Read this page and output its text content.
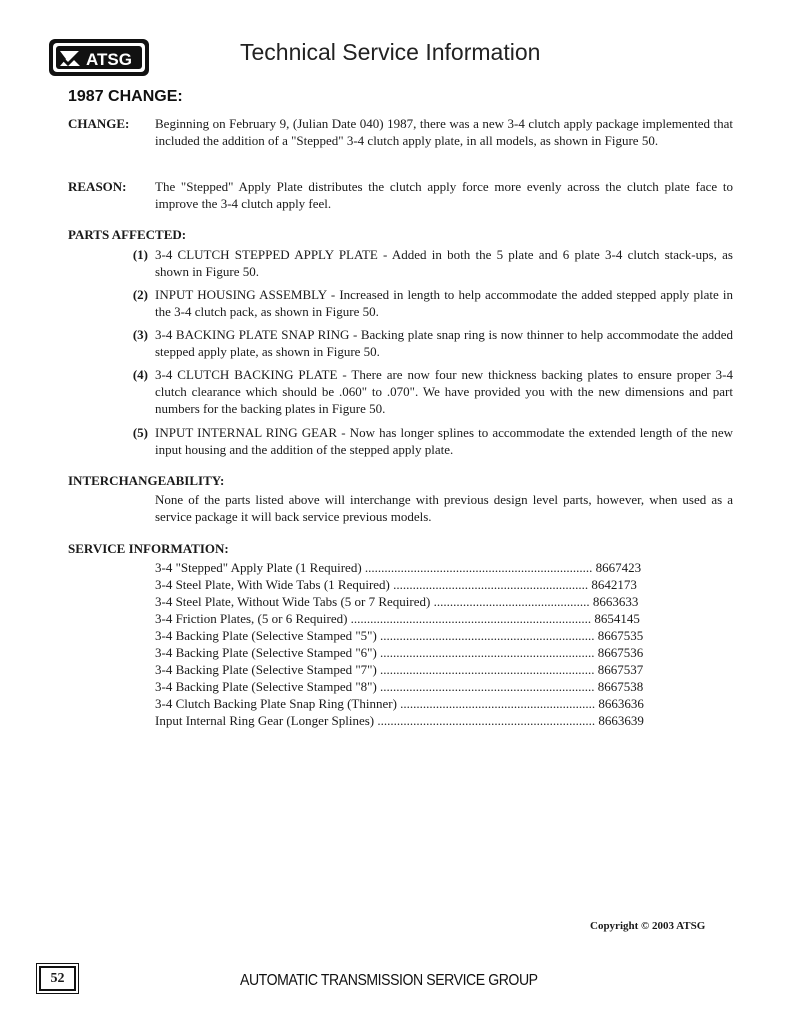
ATSG	Technical Service Information
1987 CHANGE:
CHANGE: Beginning on February 9, (Julian Date 040) 1987, there was a new 3-4 clutch apply package implemented that included the addition of a "Stepped" 3-4 clutch apply plate, in all models, as shown in Figure 50.
REASON: The "Stepped" Apply Plate distributes the clutch apply force more evenly across the clutch plate face to improve the 3-4 clutch apply feel.
PARTS AFFECTED:
(1) 3-4 CLUTCH STEPPED APPLY PLATE - Added in both the 5 plate and 6 plate 3-4 clutch stack-ups, as shown in Figure 50.
(2) INPUT HOUSING ASSEMBLY - Increased in length to help accommodate the added stepped apply plate in the 3-4 clutch pack, as shown in Figure 50.
(3) 3-4 BACKING PLATE SNAP RING - Backing plate snap ring is now thinner to help accommodate the added stepped apply plate, as shown in Figure 50.
(4) 3-4 CLUTCH BACKING PLATE - There are now four new thickness backing plates to ensure proper 3-4 clutch clearance which should be .060" to .070". We have provided you with the new dimensions and part numbers for the backing plates in Figure 50.
(5) INPUT INTERNAL RING GEAR - Now has longer splines to accommodate the extended length of the new input housing and the addition of the stepped apply plate.
INTERCHANGEABILITY:
None of the parts listed above will interchange with previous design level parts, however, when used as a service package it will back service previous models.
SERVICE INFORMATION:
3-4 "Stepped" Apply Plate (1 Required) ...................................................................... 8667423
3-4 Steel Plate, With Wide Tabs (1 Required) ............................................................ 8642173
3-4 Steel Plate, Without Wide Tabs (5 or 7 Required) ................................................ 8663633
3-4 Friction Plates, (5 or 6 Required) .......................................................................... 8654145
3-4 Backing Plate (Selective Stamped "5") .................................................................. 8667535
3-4 Backing Plate (Selective Stamped "6") .................................................................. 8667536
3-4 Backing Plate (Selective Stamped "7") .................................................................. 8667537
3-4 Backing Plate (Selective Stamped "8") .................................................................. 8667538
3-4 Clutch Backing Plate Snap Ring (Thinner) ............................................................ 8663636
Input Internal Ring Gear (Longer Splines) ................................................................... 8663639
Copyright © 2003 ATSG
52	AUTOMATIC TRANSMISSION SERVICE GROUP
